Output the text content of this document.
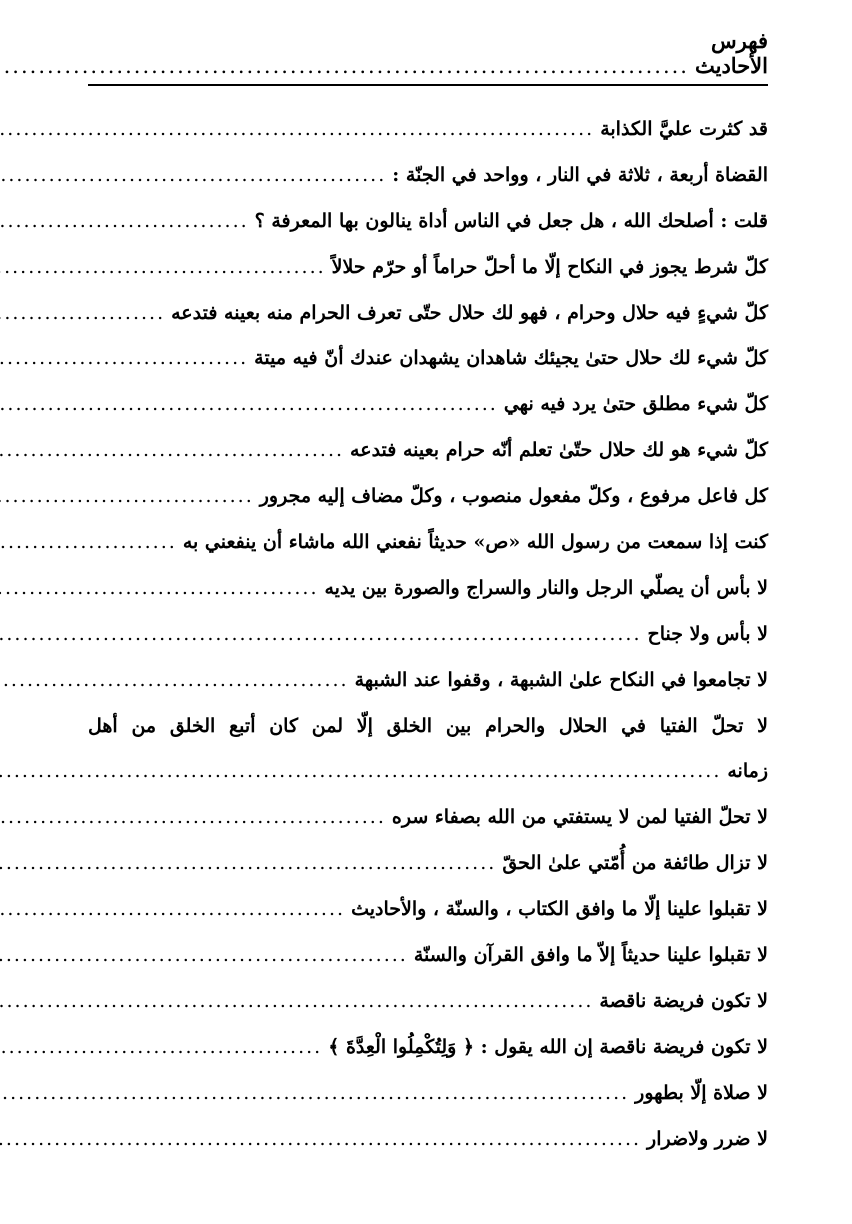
فهرس الأحاديث
.....
قد كثرت عليَّ الكذابة
.....
القضاة أربعة ، ثلاثة في النار ، وواحد في الجنّة :
.....
قلت : أصلحك الله ، هل جعل في الناس أداة ينالون بها المعرفة ؟
.....
كلّ شرط يجوز في النكاح إلّا ما أحلّ حراماً أو حرّم حلالاً
.....
كلّ شيءٍ فيه حلال وحرام ، فهو لك حلال حتّى تعرف الحرام منه بعينه فتدعه
.....
كلّ شيء لك حلال حتىٰ يجيئك شاهدان يشهدان عندك أنّ فيه ميتة
.....
كلّ شيء مطلق حتىٰ يرد فيه نهي
.....
كلّ شيء هو لك حلال حتّىٰ تعلم أنّه حرام بعينه فتدعه
.....
كل فاعل مرفوع ، وكلّ مفعول منصوب ، وكلّ مضاف إليه مجرور
.....
كنت إذا سمعت من رسول الله «ص» حديثاً نفعني الله ماشاء أن ينفعني به
.....
لا بأس أن يصلّي الرجل والنار والسراج والصورة بين يديه
.....
لا بأس ولا جناح
.....
لا تجامعوا في النكاح علىٰ الشبهة ، وقفوا عند الشبهة
.....
لا تحلّ الفتيا في الحلال والحرام بين الخلق إلّا لمن كان أتبع الخلق من أهل
زمانه
.....
لا تحلّ الفتيا لمن لا يستفتي من الله بصفاء سره
.....
لا تزال طائفة من أُمّتي علىٰ الحقّ
.....
لا تقبلوا علينا إلّا ما وافق الكتاب ، والسنّة ، والأحاديث
.....
لا تقبلوا علينا حديثاً إلاّ ما وافق القرآن والسنّة
.....
لا تكون فريضة ناقصة
.....
لا تكون فريضة ناقصة إن الله يقول : ﴿ وَلِتُكْمِلُوا الْعِدَّةَ ﴾
.....
لا صلاة إلّا بطهور
.....
لا ضرر ولاضرار
.....
